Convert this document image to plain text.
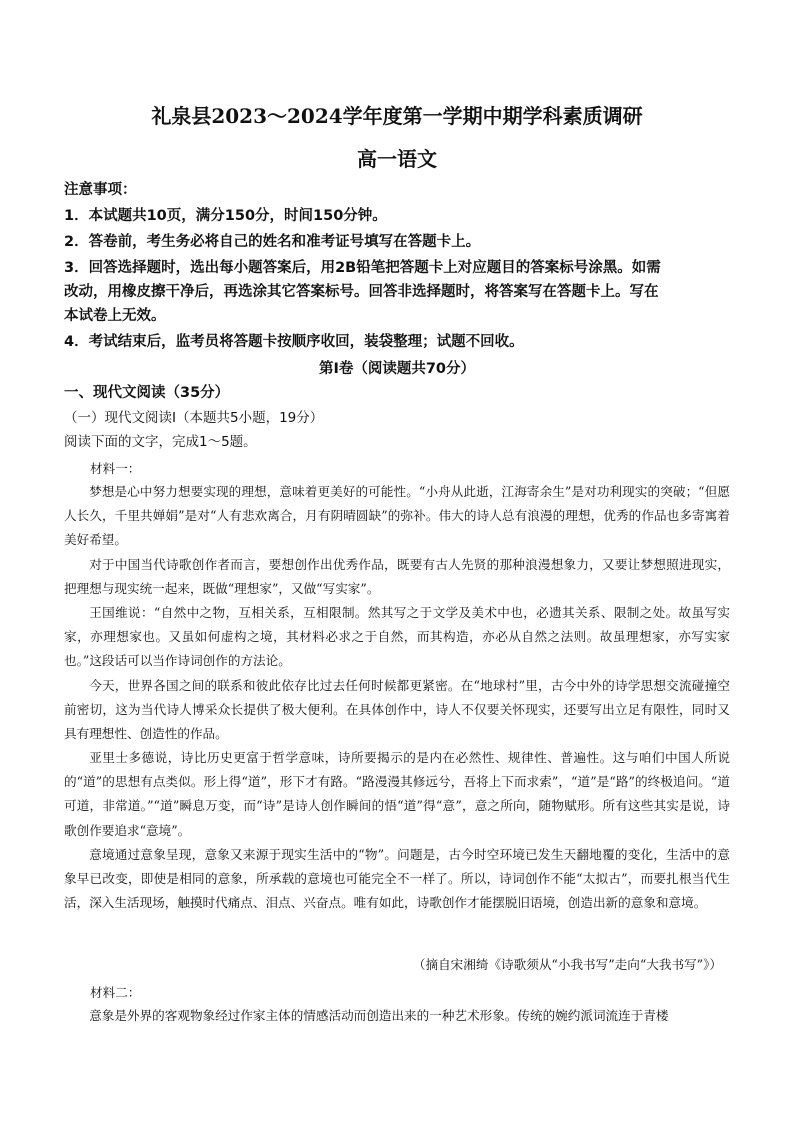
礼泉县2023～2024学年度第一学期中期学科素质调研
高一语文
注意事项：
1．本试题共10页，满分150分，时间150分钟。
2．答卷前，考生务必将自己的姓名和准考证号填写在答题卡上。
3．回答选择题时，选出每小题答案后，用2B铅笔把答题卡上对应题目的答案标号涂黑。如需
改动，用橡皮擦干净后，再选涂其它答案标号。回答非选择题时，将答案写在答题卡上。写在
本试卷上无效。
4．考试结束后，监考员将答题卡按顺序收回，装袋整理；试题不回收。
第Ⅰ卷（阅读题共70分）
一、现代文阅读（35分）
（一）现代文阅读Ⅰ（本题共5小题，19分）
阅读下面的文字，完成1～5题。
材料一：

梦想是心中努力想要实现的理想，意味着更美好的可能性。“小舟从此逝，江海寄余生”是对功利现实的突破；“但愿人长久，千里共婵娟”是对“人有悲欢离合，月有阴晴圆缺”的弥补。伟大的诗人总有浪漫的理想，优秀的作品也多寄寓着美好希望。

对于中国当代诗歌创作者而言，要想创作出优秀作品，既要有古人先贤的那种浪漫想象力，又要让梦想照进现实，把理想与现实统一起来，既做“理想家”，又做“写实家”。

王国维说：“自然中之物，互相关系，互相限制。然其写之于文学及美术中也，必遗其关系、限制之处。故虽写实家，亦理想家也。又虽如何虚构之境，其材料必求之于自然，而其构造，亦必从自然之法则。故虽理想家，亦写实家也。”这段话可以当作诗词创作的方法论。

今天，世界各国之间的联系和彼此依存比过去任何时候都更紧密。在“地球村”里，古今中外的诗学思想交流碰撞空前密切，这为当代诗人博采众长提供了极大便利。在具体创作中，诗人不仅要关怀现实，还要写出立足有限性，同时又具有理想性、创造性的作品。

亚里士多德说，诗比历史更富于哲学意味，诗所要揭示的是内在必然性、规律性、普遍性。这与咱们中国人所说的“道”的思想有点类似。形上得“道”，形下才有路。“路漫漫其修远兮，吾将上下而求索”，“道”是“路”的终极追问。“道可道，非常道。”“道”瞬息万变，而“诗”是诗人创作瞬间的悟“道”得“意”，意之所向，随物赋形。所有这些其实是说，诗歌创作要追求“意境”。

意境通过意象呈现，意象又来源于现实生活中的“物”。问题是，古今时空环境已发生天翻地覆的变化，生活中的意象早已改变，即使是相同的意象，所承载的意境也可能完全不一样了。所以，诗词创作不能“太拟古”，而要扎根当代生活，深入生活现场，触摸时代痛点、泪点、兴奋点。唯有如此，诗歌创作才能摆脱旧语境，创造出新的意象和意境。

（摘自宋湘绮《诗歌须从“小我书写”走向“大我书写”》）
材料二：

意象是外界的客观物象经过作家主体的情感活动而创造出来的一种艺术形象。传统的婉约派词流连于青楼
